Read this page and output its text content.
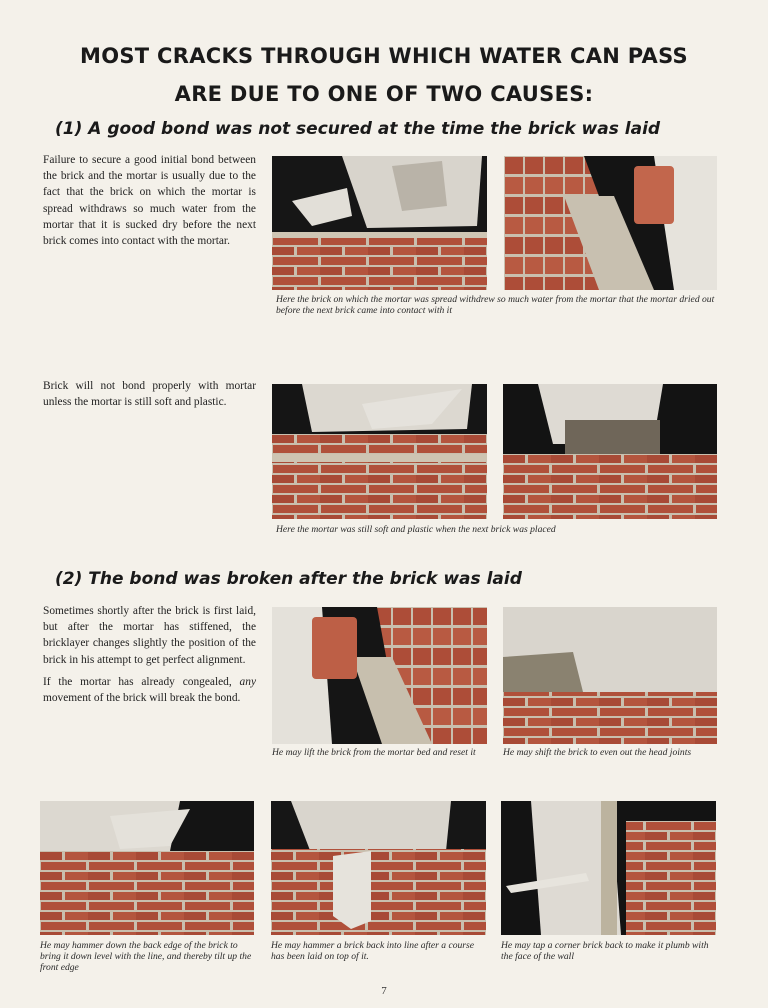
MOST CRACKS THROUGH WHICH WATER CAN PASS
ARE DUE TO ONE OF TWO CAUSES:
(1) A good bond was not secured at the time the brick was laid

Failure to secure a good initial bond between the brick and the mortar is usually due to the fact that the brick on which the mortar is spread withdraws so much water from the mortar that it is sucked dry before the next brick comes into contact with the mortar.

Here the brick on which the mortar was spread withdrew so much water from the mortar that the mortar dried out before the next brick came into contact with it

Brick will not bond properly with mortar unless the mortar is still soft and plastic.

Here the mortar was still soft and plastic when the next brick was placed
(2) The bond was broken after the brick was laid

Sometimes shortly after the brick is first laid, but after the mortar has stiffened, the bricklayer changes slightly the position of the brick in his attempt to get perfect alignment.

If the mortar has already congealed, any movement of the brick will break the bond.

He may lift the brick from the mortar bed and reset it	He may shift the brick to even out the head joints
He may hammer down the back edge of the brick to bring it down level with the line, and thereby tilt up the front edge
He may hammer a brick back into line after a course has been laid on top of it.
He may tap a corner brick back to make it plumb with the face of the wall
7
